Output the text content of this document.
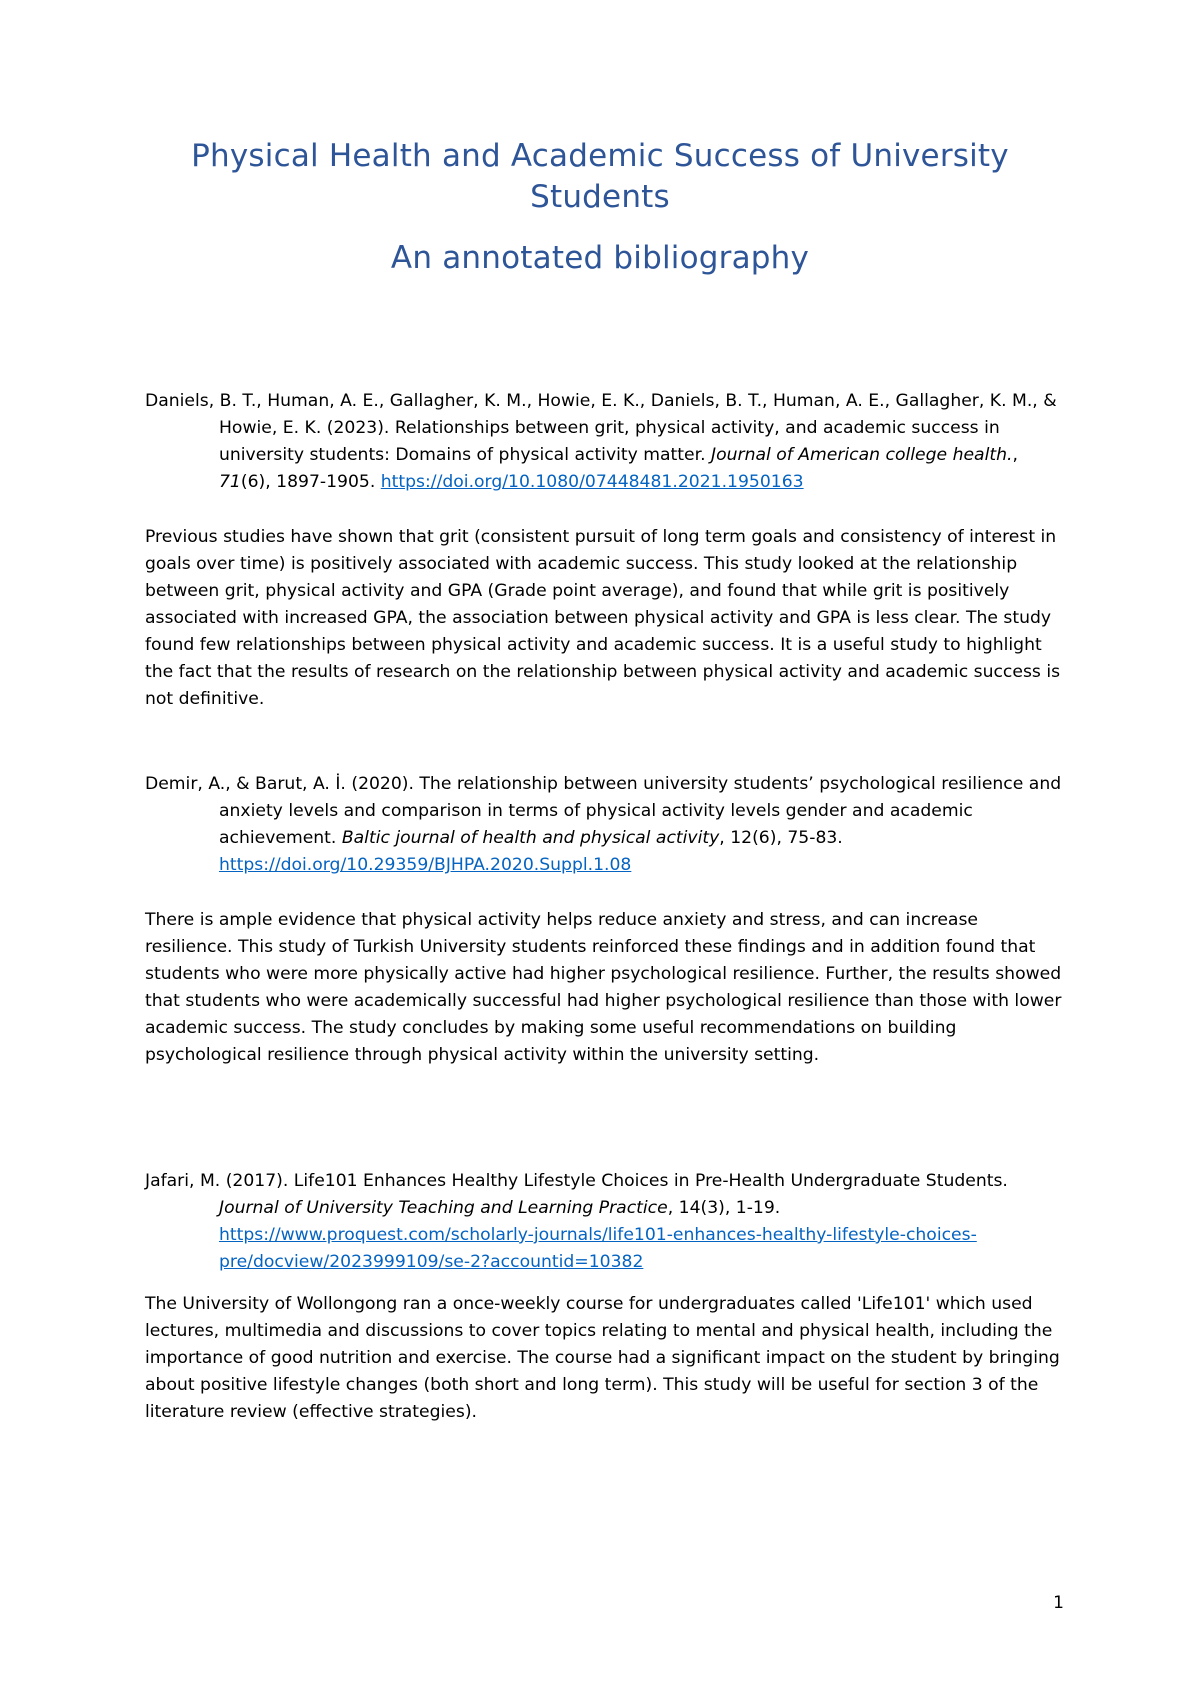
Physical Health and Academic Success of University Students
An annotated bibliography

Daniels, B. T., Human, A. E., Gallagher, K. M., Howie, E. K., Daniels, B. T., Human, A. E., Gallagher, K. M., & Howie, E. K. (2023). Relationships between grit, physical activity, and academic success in university students: Domains of physical activity matter. Journal of American college health., 71(6), 1897-1905. https://doi.org/10.1080/07448481.2021.1950163

Previous studies have shown that grit (consistent pursuit of long term goals and consistency of interest in goals over time) is positively associated with academic success. This study looked at the relationship between grit, physical activity and GPA (Grade point average), and found that while grit is positively associated with increased GPA, the association between physical activity and GPA is less clear. The study found few relationships between physical activity and academic success. It is a useful study to highlight the fact that the results of research on the relationship between physical activity and academic success is not definitive.

Demi̇r, A., & Barut, A. İ. (2020). The relationship between university students’ psychological resilience and anxiety levels and comparison in terms of physical activity levels gender and academic achievement. Baltic journal of health and physical activity, 12(6), 75-83. https://doi.org/10.29359/BJHPA.2020.Suppl.1.08

There is ample evidence that physical activity helps reduce anxiety and stress, and can increase resilience. This study of Turkish University students reinforced these findings and in addition found that students who were more physically active had higher psychological resilience. Further, the results showed that students who were academically successful had higher psychological resilience than those with lower academic success. The study concludes by making some useful recommendations on building psychological resilience through physical activity within the university setting.

Jafari, M. (2017). Life101 Enhances Healthy Lifestyle Choices in Pre-Health Undergraduate Students. Journal of University Teaching and Learning Practice, 14(3), 1-19. https://www.proquest.com/scholarly-journals/life101-enhances-healthy-lifestyle-choices-pre/docview/2023999109/se-2?accountid=10382

The University of Wollongong ran a once-weekly course for undergraduates called 'Life101' which used lectures, multimedia and discussions to cover topics relating to mental and physical health, including the importance of good nutrition and exercise. The course had a significant impact on the student by bringing about positive lifestyle changes (both short and long term). This study will be useful for section 3 of the literature review (effective strategies).

1
